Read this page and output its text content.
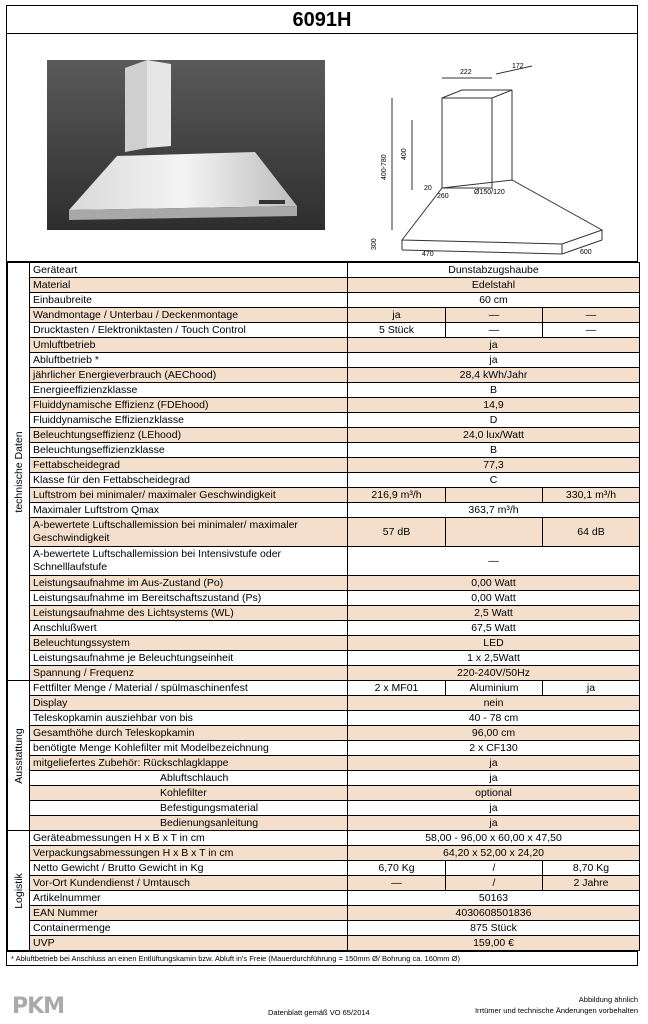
6091H
222
172
400-780
400
20
260
Ø150/120
300
470	600
technische Daten	Geräteart	Dunstabzugshaube		
	Material	Edelstahl		
	Einbaubreite	60 cm		
	Wandmontage / Unterbau / Deckenmontage	ja	—	—
	Drucktasten / Elektroniktasten / Touch Control	5 Stück	—	—
	Umluftbetrieb	ja		
	Abluftbetrieb *	ja		
	jährlicher Energieverbrauch (AEChood)	28,4 kWh/Jahr		
	Energieeffizienzklasse	B		
	Fluiddynamische Effizienz (FDEhood)	14,9		
	Fluiddynamische Effizienzklasse	D		
	Beleuchtungseffizienz (LEhood)	24,0 lux/Watt		
	Beleuchtungseffizienzklasse	B		
	Fettabscheidegrad	77,3		
	Klasse für den Fettabscheidegrad	C		
	Luftstrom bei minimaler/ maximaler Geschwindigkeit	216,9 m³/h		330,1 m³/h
	Maximaler Luftstrom Qmax	363,7 m³/h		
	A-bewertete Luftschallemission bei minimaler/ maximaler Geschwindigkeit	57 dB		64 dB
	A-bewertete Luftschallemission bei Intensivstufe oder Schnelllaufstufe	—		
	Leistungsaufnahme im Aus-Zustand (Po)	0,00 Watt		
	Leistungsaufnahme im Bereitschaftszustand (Ps)	0,00 Watt		
	Leistungsaufnahme des Lichtsystems (WL)	2,5 Watt		
	Anschlußwert	67,5 Watt		
	Beleuchtungssystem	LED		
	Leistungsaufnahme je Beleuchtungseinheit	1 x 2,5Watt		
	Spannung / Frequenz	220-240V/50Hz		

Ausstattung	Fettfilter Menge / Material / spülmaschinenfest	2 x MF01	Aluminium	ja
	Display	nein		
	Teleskopkamin ausziehbar von bis	40 - 78 cm		
	Gesamthöhe durch Teleskopkamin	96,00 cm		
	benötigte Menge Kohlefilter mit Modelbezeichnung	2 x CF130		
	mitgeliefertes Zubehör: Rückschlagklappe	ja		
	Abluftschlauch	ja		
	Kohlefilter	optional		
	Befestigungsmaterial	ja		
	Bedienungsanleitung	ja		

Logistik	Geräteabmessungen H x B x T in cm	58,00 - 96,00 x 60,00 x 47,50		
	Verpackungsabmessungen H x B x T in cm	64,20 x 52,00 x 24,20		
	Netto Gewicht / Brutto Gewicht in Kg	6,70 Kg	/	8,70 Kg
	Vor-Ort Kundendienst / Umtausch	—	/	2 Jahre
	Artikelnummer	50163		
	EAN Nummer	4030608501836		
	Containermenge	875 Stück		
	UVP	159,00 €		
* Abluftbetrieb bei Anschluss an einen Entlüftungskamin bzw. Abluft in's Freie (Mauerdurchführung = 150mm Ø/ Bohrung ca. 160mm Ø)
PKM	Datenblatt gemäß VO 65/2014
Abbildung ähnlich
Irrtümer und technische Änderungen vorbehalten
